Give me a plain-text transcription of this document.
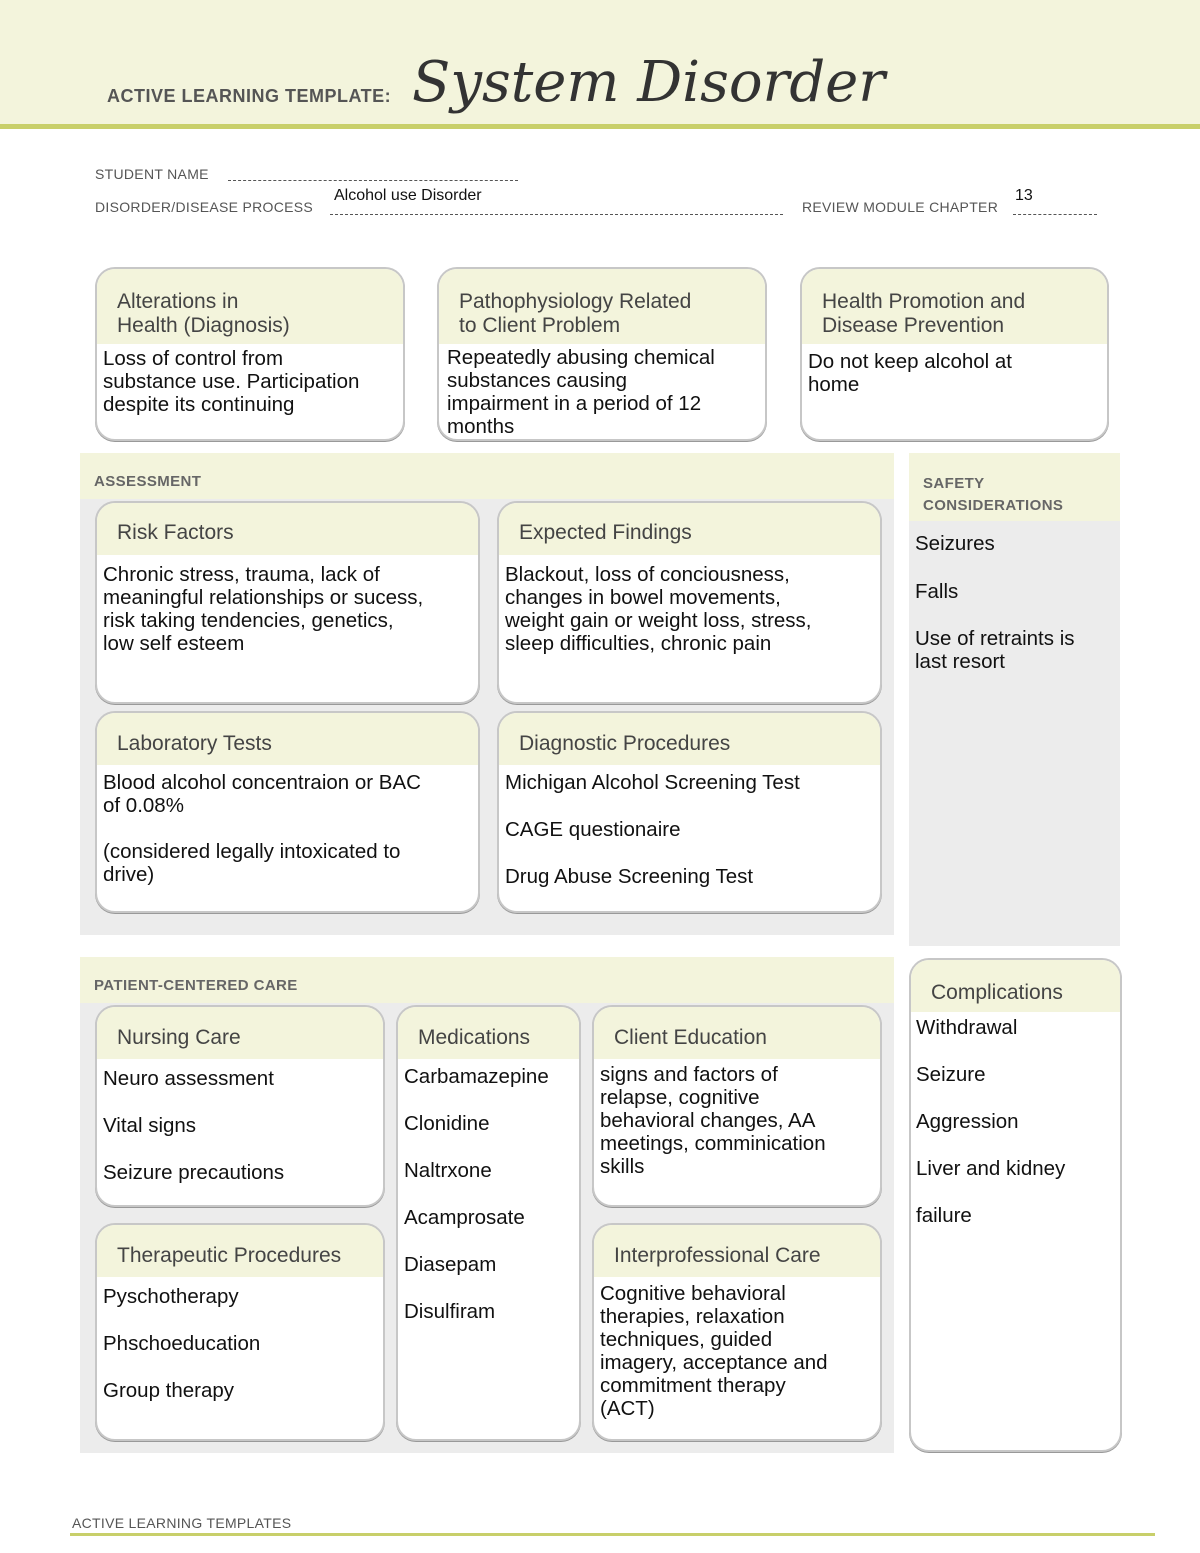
ACTIVE LEARNING TEMPLATE: System Disorder
STUDENT NAME
DISORDER/DISEASE PROCESS
Alcohol use Disorder
REVIEW MODULE CHAPTER
13
Alterations in
Health (Diagnosis)
Loss of control from
substance use. Participation
despite its continuing
Pathophysiology Related
to Client Problem
Repeatedly abusing chemical
substances causing
impairment in a period of 12
months
Health Promotion and
Disease Prevention
Do not keep alcohol at
home
ASSESSMENT
Risk Factors
Chronic stress, trauma, lack of
meaningful relationships or sucess,
risk taking tendencies, genetics,
low self esteem
Expected Findings
Blackout, loss of conciousness,
changes in bowel movements,
weight gain or weight loss, stress,
sleep difficulties, chronic pain
Laboratory Tests
Blood alcohol concentraion or BAC
of 0.08%

(considered legally intoxicated to
drive)
Diagnostic Procedures
Michigan Alcohol Screening Test
CAGE questionaire
Drug Abuse Screening Test
SAFETY
CONSIDERATIONS
Seizures
Falls
Use of retraints is
last resort
PATIENT-CENTERED CARE
Nursing Care
Neuro assessment
Vital signs
Seizure precautions
Medications
Carbamazepine
Clonidine
Naltrxone
Acamprosate
Diasepam
Disulfiram
Client Education
signs and factors of
relapse, cognitive
behavioral changes, AA
meetings, comminication
skills
Therapeutic Procedures
Pyschotherapy
Phschoeducation
Group therapy
Interprofessional Care
Cognitive behavioral
therapies, relaxation
techniques, guided
imagery, acceptance and
commitment therapy
(ACT)
Complications
Withdrawal
Seizure
Aggression
Liver and kidney
failure
ACTIVE LEARNING TEMPLATES
